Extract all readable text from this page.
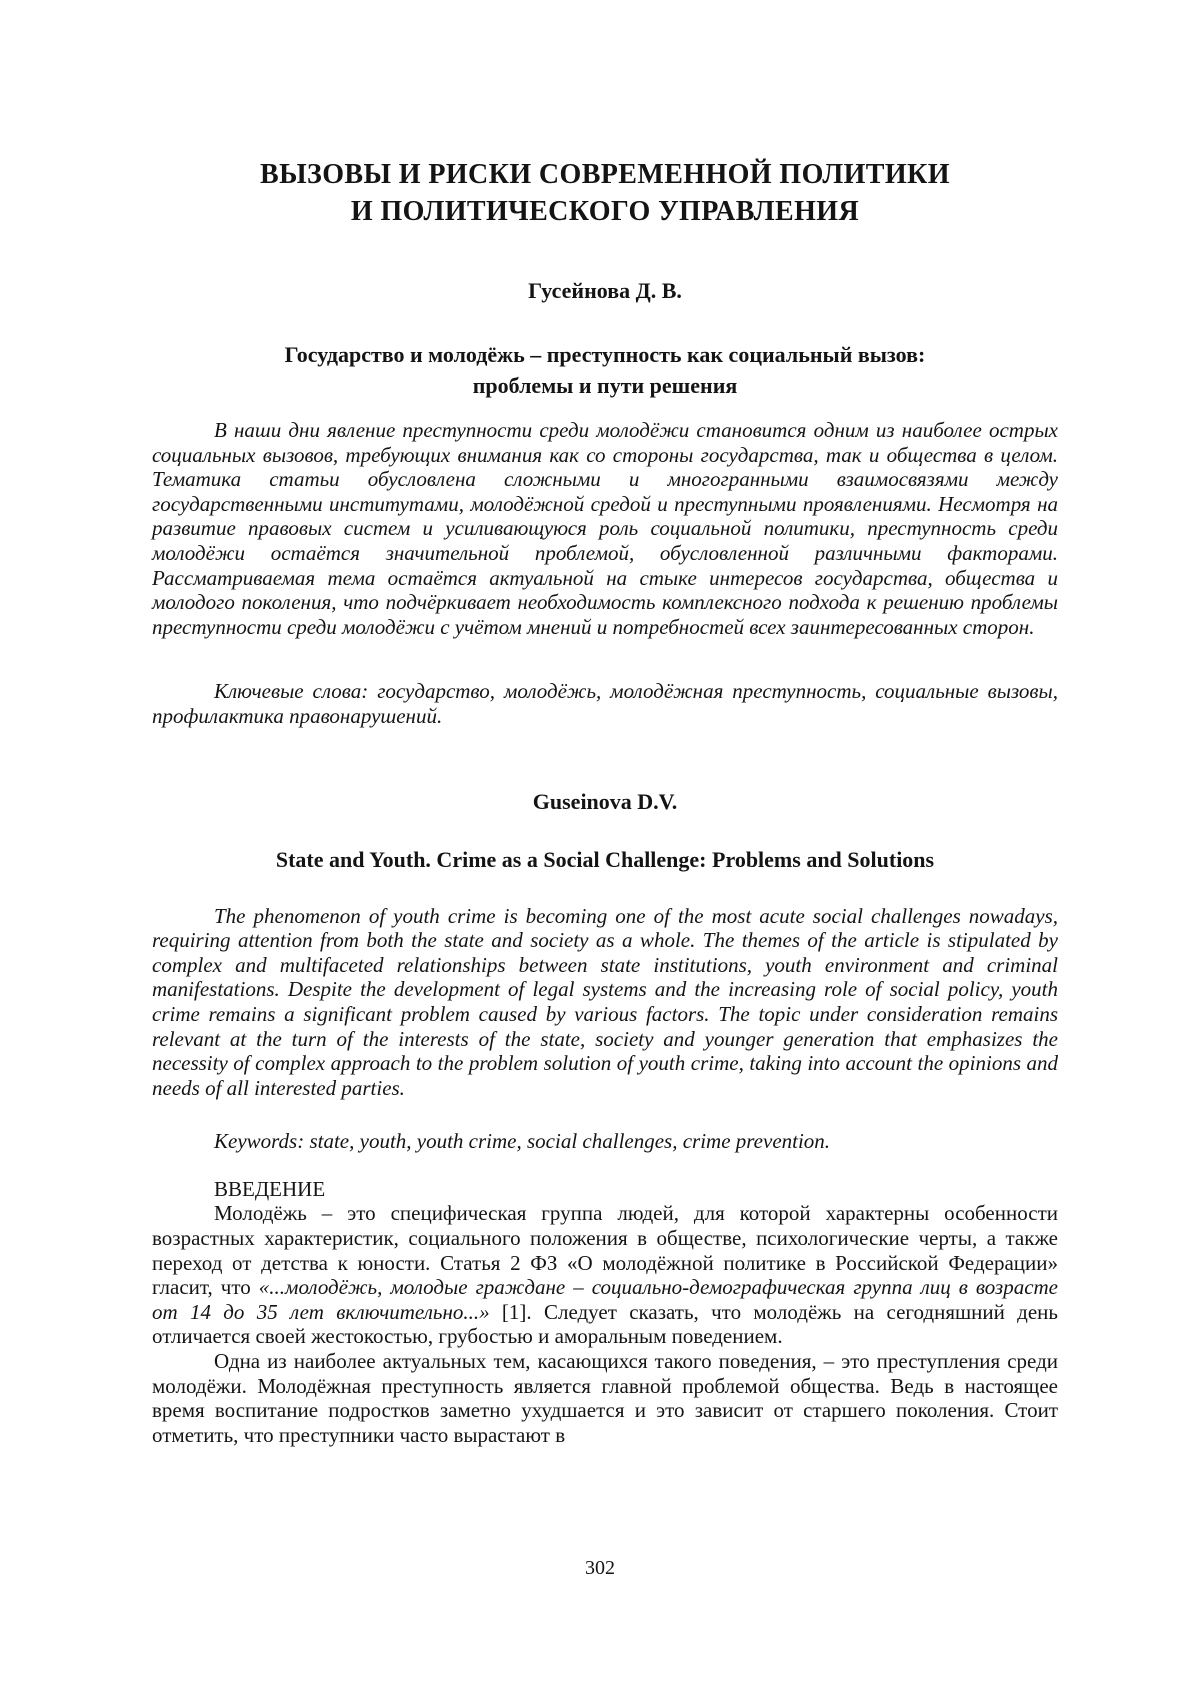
ВЫЗОВЫ И РИСКИ СОВРЕМЕННОЙ ПОЛИТИКИ
И ПОЛИТИЧЕСКОГО УПРАВЛЕНИЯ

Гусейнова Д. В.

Государство и молодёжь – преступность как социальный вызов:
проблемы и пути решения

В наши дни явление преступности среди молодёжи становится одним из наиболее острых социальных вызовов, требующих внимания как со стороны государства, так и общества в целом. Тематика статьи обусловлена сложными и многогранными взаимосвязями между государственными институтами, молодёжной средой и преступными проявлениями. Несмотря на развитие правовых систем и усиливающуюся роль социальной политики, преступность среди молодёжи остаётся значительной проблемой, обусловленной различными факторами. Рассматриваемая тема остаётся актуальной на стыке интересов государства, общества и молодого поколения, что подчёркивает необходимость комплексного подхода к решению проблемы преступности среди молодёжи с учётом мнений и потребностей всех заинтересованных сторон.

Ключевые слова: государство, молодёжь, молодёжная преступность, социальные вызовы, профилактика правонарушений.

Guseinova D.V.

State and Youth. Crime as a Social Challenge: Problems and Solutions

The phenomenon of youth crime is becoming one of the most acute social challenges nowadays, requiring attention from both the state and society as a whole. The themes of the article is stipulated by complex and multifaceted relationships between state institutions, youth environment and criminal manifestations. Despite the development of legal systems and the increasing role of social policy, youth crime remains a significant problem caused by various factors. The topic under consideration remains relevant at the turn of the interests of the state, society and younger generation that emphasizes the necessity of complex approach to the problem solution of youth crime, taking into account the opinions and needs of all interested parties.

Keywords: state, youth, youth crime, social challenges, crime prevention.

ВВЕДЕНИЕ

Молодёжь – это специфическая группа людей, для которой характерны особенности возрастных характеристик, социального положения в обществе, психологические черты, а также переход от детства к юности. Статья 2 ФЗ «О молодёжной политике в Российской Федерации» гласит, что «...молодёжь, молодые граждане – социально-демографическая группа лиц в возрасте от 14 до 35 лет включительно...» [1]. Следует сказать, что молодёжь на сегодняшний день отличается своей жестокостью, грубостью и аморальным поведением.

Одна из наиболее актуальных тем, касающихся такого поведения, – это преступления среди молодёжи. Молодёжная преступность является главной проблемой общества. Ведь в настоящее время воспитание подростков заметно ухудшается и это зависит от старшего поколения. Стоит отметить, что преступники часто вырастают в

302
